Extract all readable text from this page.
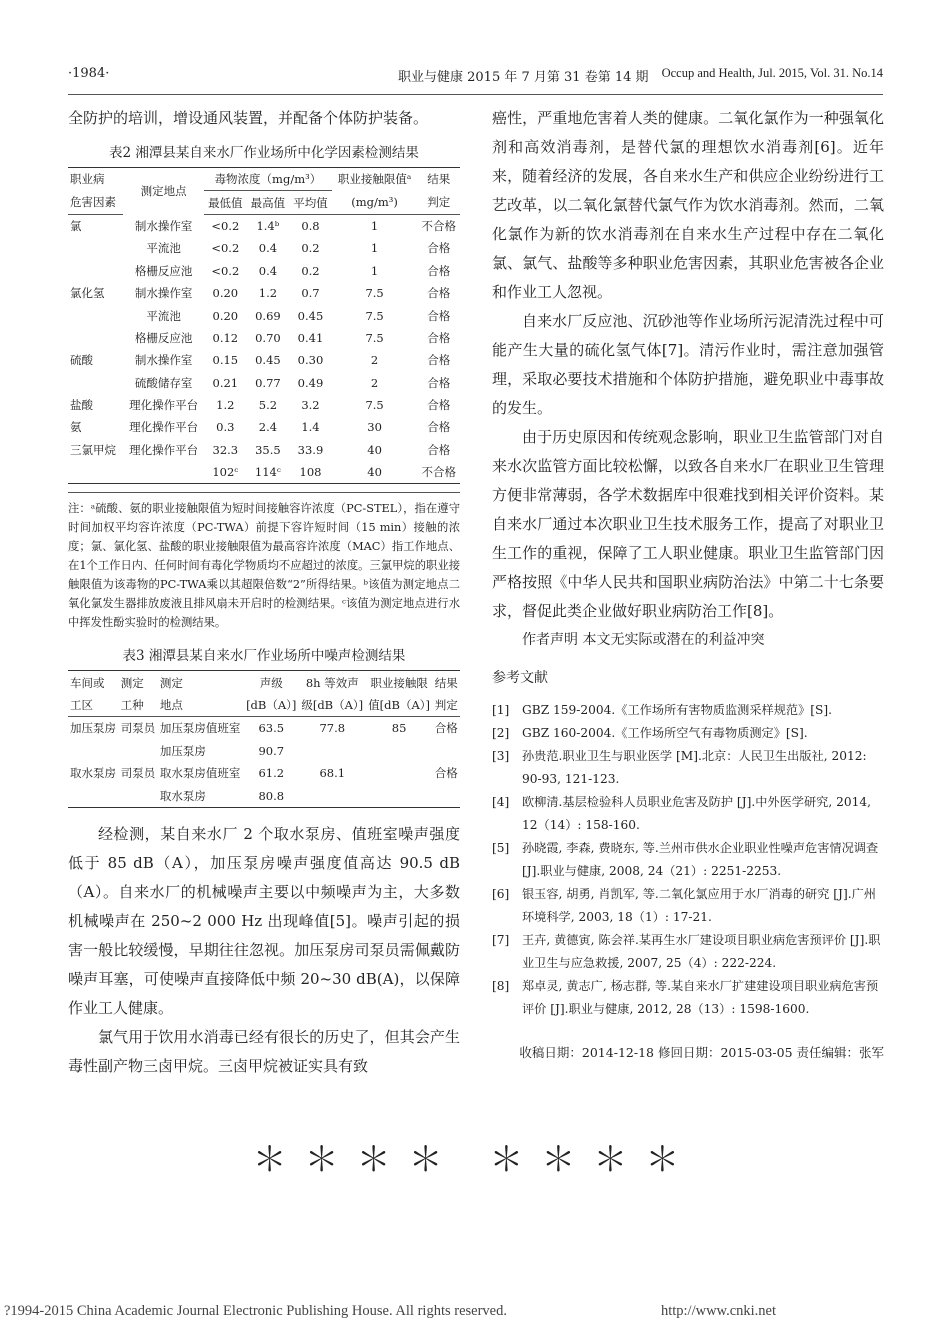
·1984·	职业与健康 2015 年 7 月第 31 卷第 14 期 Occup and Health, Jul. 2015, Vol. 31. No.14

全防护的培训，增设通风装置，并配备个体防护装备。

表2 湘潭县某自来水厂作业场所中化学因素检测结果
职业病	测定地点	毒物浓度（mg/m³）			职业接触限值ᵃ	结果
危害因素		最低值	最高值	平均值	(mg/m³)	判定
氯	制水操作室	<0.2	1.4ᵇ	0.8	1	不合格
	平流池	<0.2	0.4	0.2	1	合格
	格栅反应池	<0.2	0.4	0.2	1	合格
氯化氢	制水操作室	0.20	1.2	0.7	7.5	合格
	平流池	0.20	0.69	0.45	7.5	合格
	格栅反应池	0.12	0.70	0.41	7.5	合格
硫酸	制水操作室	0.15	0.45	0.30	2	合格
	硫酸储存室	0.21	0.77	0.49	2	合格
盐酸	理化操作平台	1.2	5.2	3.2	7.5	合格
氨	理化操作平台	0.3	2.4	1.4	30	合格
三氯甲烷	理化操作平台	32.3	35.5	33.9	40	合格
		102ᶜ	114ᶜ	108	40	不合格
注：ᵃ硫酸、氨的职业接触限值为短时间接触容许浓度（PC-STEL），指在遵守时间加权平均容许浓度（PC-TWA）前提下容许短时间（15 min）接触的浓度；氯、氯化氢、盐酸的职业接触限值为最高容许浓度（MAC）指工作地点、在1个工作日内、任何时间有毒化学物质均不应超过的浓度。三氯甲烷的职业接触限值为该毒物的PC-TWA乘以其超限倍数“2”所得结果。ᵇ该值为测定地点二氧化氯发生器排放废液且排风扇未开启时的检测结果。ᶜ该值为测定地点进行水中挥发性酚实验时的检测结果。
表3 湘潭县某自来水厂作业场所中噪声检测结果
车间或	测定	测定	声级	8h 等效声	职业接触限	结果
工区	工种	地点	[dB（A）]	级[dB（A）]	值[dB（A）]	判定
加压泵房	司泵员	加压泵房值班室	63.5	77.8	85	合格
		加压泵房	90.7			
取水泵房	司泵员	取水泵房值班室	61.2	68.1		合格
		取水泵房	80.8			

经检测，某自来水厂 2 个取水泵房、值班室噪声强度低于 85 dB（A），加压泵房噪声强度值高达 90.5 dB（A）。自来水厂的机械噪声主要以中频噪声为主，大多数机械噪声在 250~2 000 Hz 出现峰值[5]。噪声引起的损害一般比较缓慢，早期往往忽视。加压泵房司泵员需佩戴防噪声耳塞，可使噪声直接降低中频 20~30 dB(A)，以保障作业工人健康。

氯气用于饮用水消毒已经有很长的历史了，但其会产生毒性副产物三卤甲烷。三卤甲烷被证实具有致

癌性，严重地危害着人类的健康。二氧化氯作为一种强氧化剂和高效消毒剂，是替代氯的理想饮水消毒剂[6]。近年来，随着经济的发展，各自来水生产和供应企业纷纷进行工艺改革，以二氧化氯替代氯气作为饮水消毒剂。然而，二氧化氯作为新的饮水消毒剂在自来水生产过程中存在二氧化氯、氯气、盐酸等多种职业危害因素，其职业危害被各企业和作业工人忽视。

自来水厂反应池、沉砂池等作业场所污泥清洗过程中可能产生大量的硫化氢气体[7]。清污作业时，需注意加强管理，采取必要技术措施和个体防护措施，避免职业中毒事故的发生。

由于历史原因和传统观念影响，职业卫生监管部门对自来水次监管方面比较松懈，以致各自来水厂在职业卫生管理方便非常薄弱，各学术数据库中很难找到相关评价资料。某自来水厂通过本次职业卫生技术服务工作，提高了对职业卫生工作的重视，保障了工人职业健康。职业卫生监管部门因严格按照《中华人民共和国职业病防治法》中第二十七条要求，督促此类企业做好职业病防治工作[8]。

作者声明 本文无实际或潜在的利益冲突

参考文献
[1]	GBZ 159-2004.《工作场所有害物质监测采样规范》[S].
[2]	GBZ 160-2004.《工作场所空气有毒物质测定》[S].
[3]	孙贵范.职业卫生与职业医学 [M].北京：人民卫生出版社, 2012: 90-93, 121-123.
[4]	欧柳清.基层检验科人员职业危害及防护 [J].中外医学研究, 2014, 12（14）: 158-160.
[5]	孙晓霞, 李森, 费晓东, 等.兰州市供水企业职业性噪声危害情况调查 [J].职业与健康, 2008, 24（21）: 2251-2253.
[6]	银玉容, 胡勇, 肖凯军, 等.二氧化氯应用于水厂消毒的研究 [J].广州环境科学, 2003, 18（1）: 17-21.
[7]	王卉, 黄德寅, 陈会祥.某再生水厂建设项目职业病危害预评价 [J].职业卫生与应急救援, 2007, 25（4）: 222-224.
[8]	郑卓灵, 黄志广, 杨志群, 等.某自来水厂扩建建设项目职业病危害预评价 [J].职业与健康, 2012, 28（13）: 1598-1600.
收稿日期：2014-12-18 修回日期：2015-03-05 责任编辑：张军
＊＊＊＊ ＊＊＊＊
?1994-2015 China Academic Journal Electronic Publishing House. All rights reserved.	http://www.cnki.net
